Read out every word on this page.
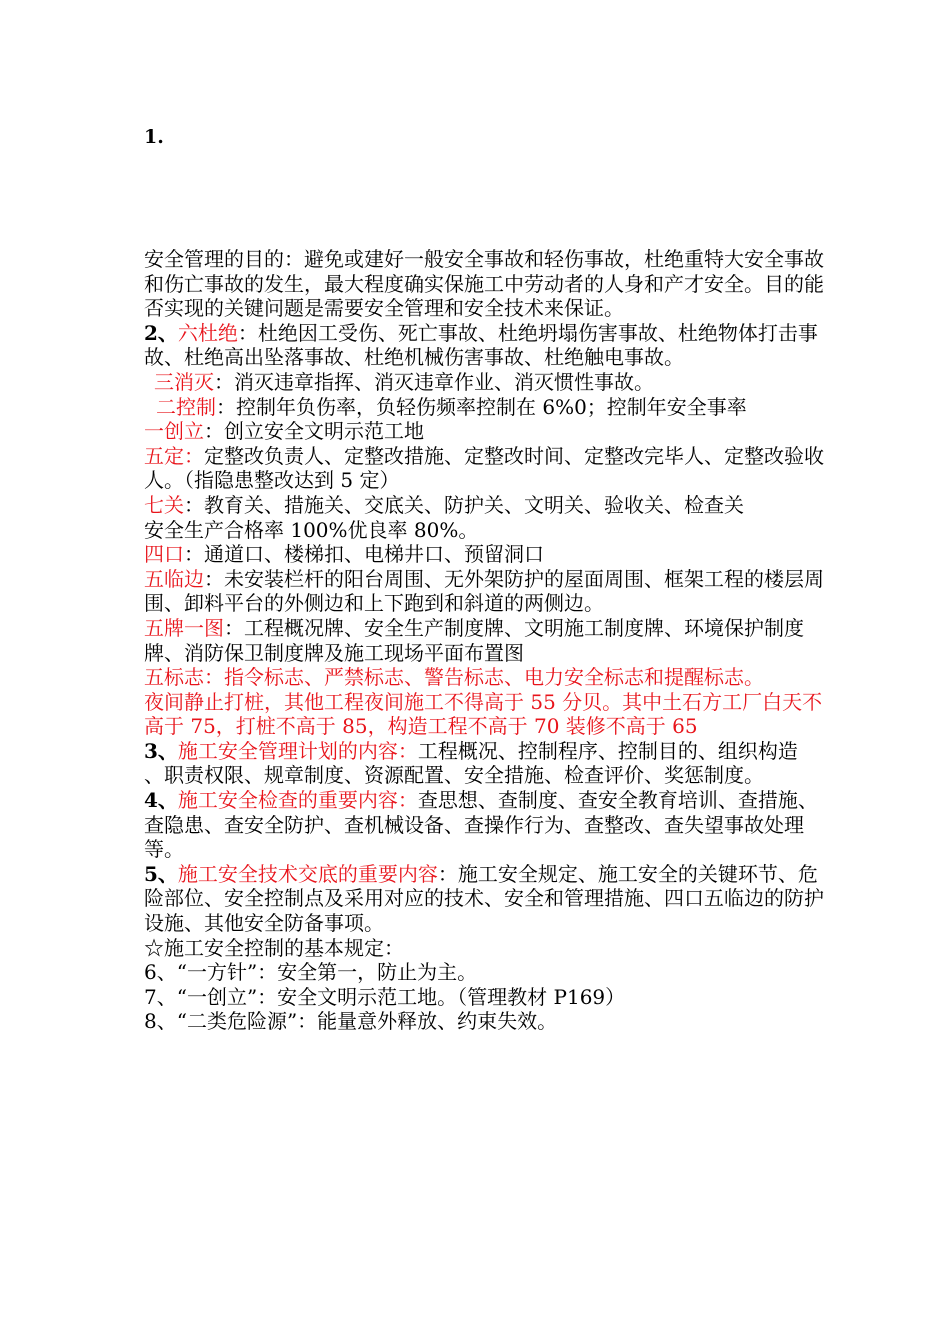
1.

安全管理的目的：避免或建好一般安全事故和轻伤事故，杜绝重特大安全事故和伤亡事故的发生，最大程度确实保施工中劳动者的人身和产才安全。目的能否实现的关键问题是需要安全管理和安全技术来保证。

2、六杜绝：杜绝因工受伤、死亡事故、杜绝坍塌伤害事故、杜绝物体打击事故、杜绝高出坠落事故、杜绝机械伤害事故、杜绝触电事故。

三消灭：消灭违章指挥、消灭违章作业、消灭惯性事故。

二控制：控制年负伤率，负轻伤频率控制在 6%0；控制年安全事率

一创立：创立安全文明示范工地

五定：定整改负责人、定整改措施、定整改时间、定整改完毕人、定整改验收人。（指隐患整改达到 5 定）

七关：教育关、措施关、交底关、防护关、文明关、验收关、检查关

安全生产合格率 100%优良率 80%。

四口：通道口、楼梯扣、电梯井口、预留洞口

五临边：未安装栏杆的阳台周围、无外架防护的屋面周围、框架工程的楼层周围、卸料平台的外侧边和上下跑到和斜道的两侧边。

五牌一图：工程概况牌、安全生产制度牌、文明施工制度牌、环境保护制度牌、消防保卫制度牌及施工现场平面布置图

五标志：指令标志、严禁标志、警告标志、电力安全标志和提醒标志。

夜间静止打桩，其他工程夜间施工不得高于 55 分贝。其中土石方工厂白天不高于 75，打桩不高于 85，构造工程不高于 70 装修不高于 65

3、施工安全管理计划的内容：工程概况、控制程序、控制目的、组织构造 、职责权限、规章制度、资源配置、安全措施、检查评价、奖惩制度。

4、施工安全检查的重要内容：查思想、查制度、查安全教育培训、查措施、查隐患、查安全防护、查机械设备、查操作行为、查整改、查失望事故处理等。

5、施工安全技术交底的重要内容：施工安全规定、施工安全的关键环节、危险部位、安全控制点及采用对应的技术、安全和管理措施、四口五临边的防护设施、其他安全防备事项。

☆施工安全控制的基本规定：

6、“一方针”：安全第一，防止为主。

7、“一创立”：安全文明示范工地。（管理教材 P169）

8、“二类危险源”：能量意外释放、约束失效。
